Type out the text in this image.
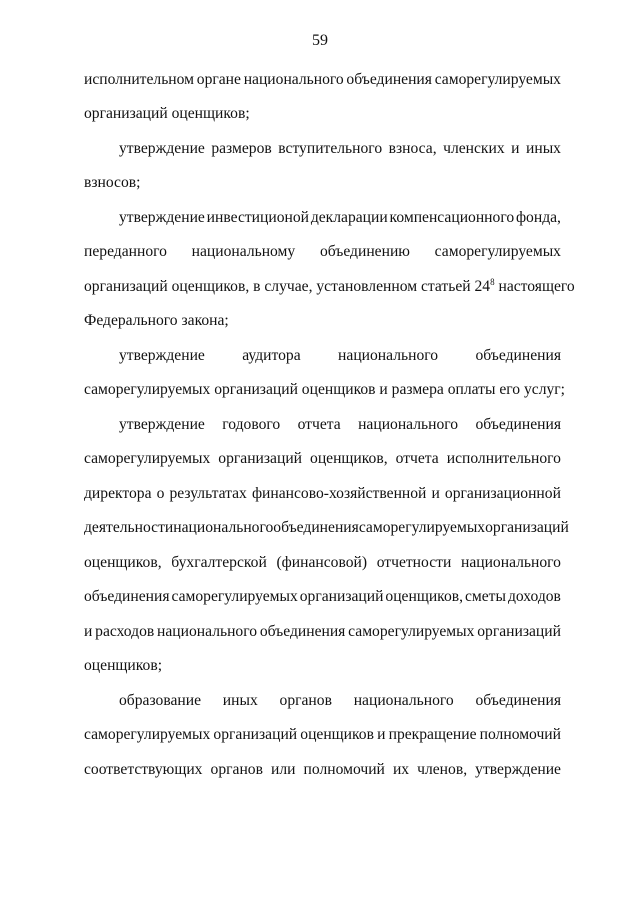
59
исполнительном органе национального объединения саморегулируемых
организаций оценщиков;
утверждение размеров вступительного взноса, членских и иных
взносов;
утверждение инвестиционой декларации компенсационного фонда,
переданного национальному объединению саморегулируемых
организаций оценщиков, в случае, установленном статьей $24^8$ настоящего
Федерального закона;
утверждение аудитора национального объединения
саморегулируемых организаций оценщиков и размера оплаты его услуг;
утверждение годового отчета национального объединения
саморегулируемых организаций оценщиков, отчета исполнительного
директора о результатах финансово-хозяйственной и организационной
деятельности национального объединения саморегулируемых организаций
оценщиков, бухгалтерской (финансовой) отчетности национального
объединения саморегулируемых организаций оценщиков, сметы доходов
и расходов национального объединения саморегулируемых организаций
оценщиков;
образование иных органов национального объединения
саморегулируемых организаций оценщиков и прекращение полномочий
соответствующих органов или полномочий их членов, утверждение
